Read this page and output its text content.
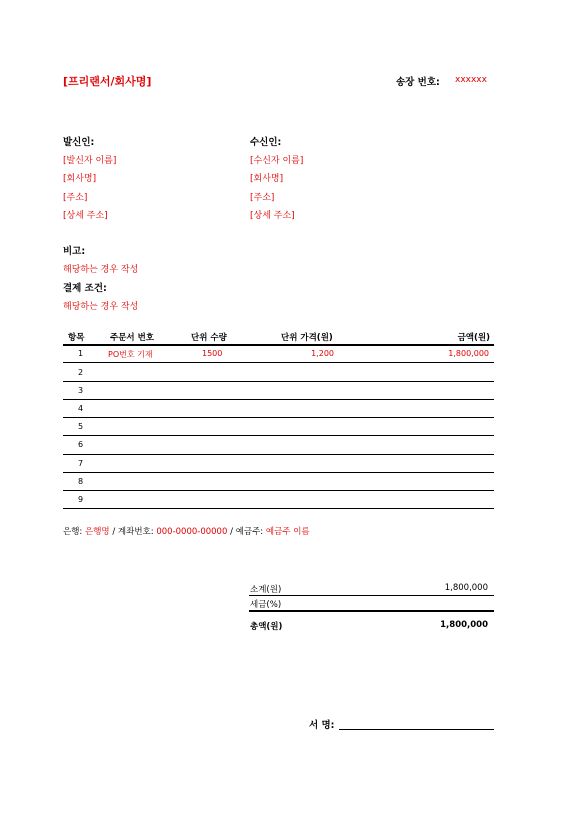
[프리랜서/회사명]	송장 번호: xxxxxx
발신인:
[발신자 이름]
[회사명]
[주소]
[상세 주소]
수신인:
[수신자 이름]
[회사명]
[주소]
[상세 주소]
비고:
해당하는 경우 작성
결제 조건:
해당하는 경우 작성
항목	주문서 번호	단위 수량	단위 가격(원)	금액(원)
1	PO번호 기재	1500	1,200	1,800,000
2
3
4
5
6
7
8
9
은행: 은행명 / 계좌번호: 000-0000-00000 / 예금주: 예금주 이름
소계(원)	1,800,000
세금(%)
총액(원)	1,800,000
서 명:
